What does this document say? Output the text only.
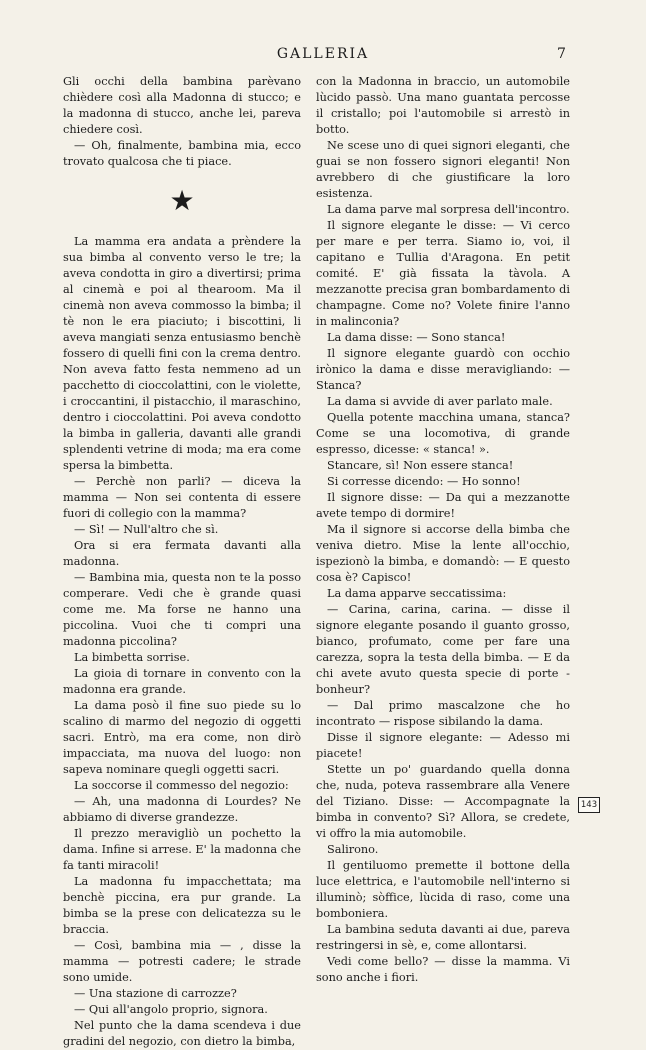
GALLERIA	7

Gli occhi della bambina parèvano chièdere così alla Madonna di stucco; e la madonna di stucco, anche lei, pareva chiedere così.

— Oh, finalmente, bambina mia, ecco trovato qualcosa che ti piace.

★

La mamma era andata a prèndere la sua bimba al convento verso le tre; la aveva condotta in giro a divertirsi; prima al cinemà e poi al thearoom. Ma il cinemà non aveva commosso la bimba; il tè non le era piaciuto; i biscottini, li aveva mangiati senza entusiasmo benchè fossero di quelli fini con la crema dentro. Non aveva fatto festa nemmeno ad un pacchetto di cioccolattini, con le violette, i croccantini, il pistacchio, il maraschino, dentro i cioccolattini. Poi aveva condotto la bimba in galleria, davanti alle grandi splendenti vetrine di moda; ma era come spersa la bimbetta.

— Perchè non parli? — diceva la mamma — Non sei contenta di essere fuori di collegio con la mamma?

— Sì! — Null'altro che sì.

Ora si era fermata davanti alla madonna.

— Bambina mia, questa non te la posso comperare. Vedi che è grande quasi come me. Ma forse ne hanno una piccolina. Vuoi che ti compri una madonna piccolina?

La bimbetta sorrise.

La gioia di tornare in convento con la madonna era grande.

La dama posò il fine suo piede su lo scalino di marmo del negozio di oggetti sacri. Entrò, ma era come, non dirò impacciata, ma nuova del luogo: non sapeva nominare quegli oggetti sacri.

La soccorse il commesso del negozio:

— Ah, una madonna di Lourdes? Ne abbiamo di diverse grandezze.

Il prezzo meravigliò un pochetto la dama. Infine si arrese. E' la madonna che fa tanti miracoli!

La madonna fu impacchettata; ma benchè piccina, era pur grande. La bimba se la prese con delicatezza su le braccia.

— Così, bambina mia — , disse la mamma — potresti cadere; le strade sono umide.

— Una stazione di carrozze?

— Qui all'angolo proprio, signora.

Nel punto che la dama scendeva i due gradini del negozio, con dietro la bimba,

con la Madonna in braccio, un automobile lùcido passò. Una mano guantata percosse il cristallo; poi l'automobile si arrestò in botto.

Ne scese uno di quei signori eleganti, che guai se non fossero signori eleganti! Non avrebbero di che giustificare la loro esistenza.

La dama parve mal sorpresa dell'incontro.

Il signore elegante le disse: — Vi cerco per mare e per terra. Siamo io, voi, il capitano e Tullia d'Aragona. En petit comité. E' già fissata la tàvola. A mezzanotte precisa gran bombardamento di champagne. Come no? Volete finire l'anno in malinconia?

La dama disse: — Sono stanca!

Il signore elegante guardò con occhio irònico la dama e disse meravigliando: — Stanca?

La dama si avvide di aver parlato male.

Quella potente macchina umana, stanca? Come se una locomotiva, di grande espresso, dicesse: « stanca! ».

Stancare, sì! Non essere stanca!

Si corresse dicendo: — Ho sonno!

Il signore disse: — Da qui a mezzanotte avete tempo di dormire!

Ma il signore si accorse della bimba che veniva dietro. Mise la lente all'occhio, ispezionò la bimba, e domandò: — E questo cosa è? Capisco!

La dama apparve seccatissima:

— Carina, carina, carina. — disse il signore elegante posando il guanto grosso, bianco, profumato, come per fare una carezza, sopra la testa della bimba. — E da chi avete avuto questa specie di porte - bonheur?

— Dal primo mascalzone che ho incontrato — rispose sibilando la dama.

Disse il signore elegante: — Adesso mi piacete!

Stette un po' guardando quella donna che, nuda, poteva rassembrare alla Venere del Tiziano. Disse: — Accompagnate la bimba in convento? Sì? Allora, se credete, vi offro la mia automobile.

Salirono.

Il gentiluomo premette il bottone della luce elettrica, e l'automobile nell'interno si illuminò; sòffice, lùcida di raso, come una bomboniera.

La bambina seduta davanti ai due, pareva restringersi in sè, e, come allontarsi.

Vedi come bello? — disse la mamma. Vi sono anche i fiori.

143
